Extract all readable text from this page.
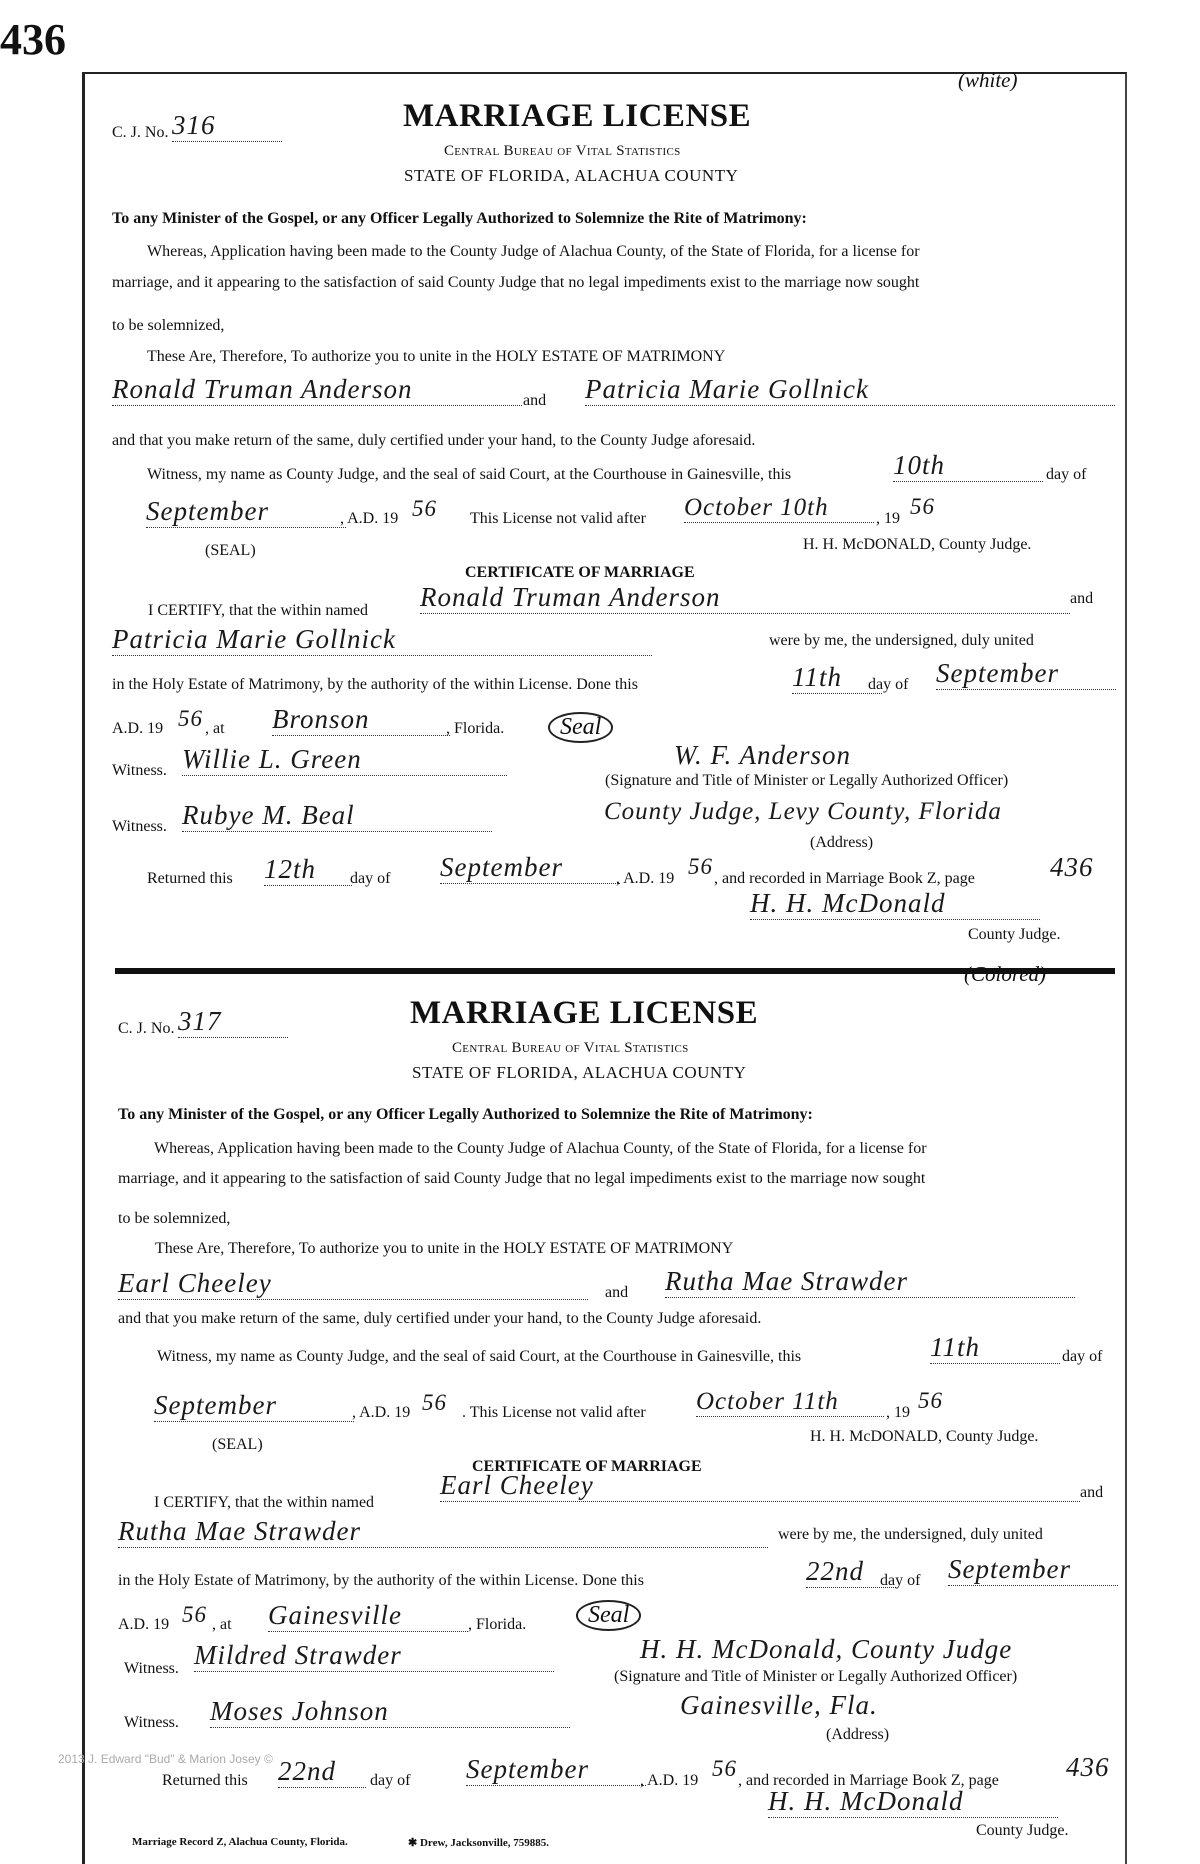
436
(white)
C. J. No. 316	MARRIAGE LICENSE
Central Bureau of Vital Statistics
STATE OF FLORIDA, ALACHUA COUNTY
To any Minister of the Gospel, or any Officer Legally Authorized to Solemnize the Rite of Matrimony:
Whereas, Application having been made to the County Judge of Alachua County, of the State of Florida, for a license for
marriage, and it appearing to the satisfaction of said County Judge that no legal impediments exist to the marriage now sought
to be solemnized,
These Are, Therefore, To authorize you to unite in the HOLY ESTATE OF MATRIMONY
Ronald Truman Anderson	and Patricia Marie Gollnick
and that you make return of the same, duly certified under your hand, to the County Judge aforesaid.
Witness, my name as County Judge, and the seal of said Court, at the Courthouse in Gainesville, this	10th	day of
September	, A.D. 19 56 This License not valid after October 10th	, 19 56
(SEAL)	H. H. McDONALD, County Judge.
CERTIFICATE OF MARRIAGE
I CERTIFY, that the within named Ronald Truman Anderson	and
Patricia Marie Gollnick	were by me, the undersigned, duly united
in the Holy Estate of Matrimony, by the authority of the within License. Done this	11th	day of September
A.D. 19 56 , at Bronson	, Florida.	Seal
Witness. Willie L. Green	W. F. Anderson
(Signature and Title of Minister or Legally Authorized Officer)
Witness. Rubye M. Beal	County Judge, Levy County, Florida
(Address)
Returned this 12th	day of September	, A.D. 19 56 , and recorded in Marriage Book Z, page	436
H. H. McDonald
County Judge.
(Colored)
C. J. No. 317	MARRIAGE LICENSE
Central Bureau of Vital Statistics
STATE OF FLORIDA, ALACHUA COUNTY
To any Minister of the Gospel, or any Officer Legally Authorized to Solemnize the Rite of Matrimony:
Whereas, Application having been made to the County Judge of Alachua County, of the State of Florida, for a license for
marriage, and it appearing to the satisfaction of said County Judge that no legal impediments exist to the marriage now sought
to be solemnized,
These Are, Therefore, To authorize you to unite in the HOLY ESTATE OF MATRIMONY
Earl Cheeley	and Rutha Mae Strawder
and that you make return of the same, duly certified under your hand, to the County Judge aforesaid.
Witness, my name as County Judge, and the seal of said Court, at the Courthouse in Gainesville, this	11th	day of
September	, A.D. 19 56 . This License not valid after October 11th	, 19 56
(SEAL)	H. H. McDONALD, County Judge.
CERTIFICATE OF MARRIAGE
I CERTIFY, that the within named
Earl Cheeley	and
Rutha Mae Strawder	were by me, the undersigned, duly united
in the Holy Estate of Matrimony, by the authority of the within License. Done this	22nd	day of September
A.D. 19 56 , at Gainesville	, Florida.	Seal
Witness. Mildred Strawder	H. H. McDonald, County Judge
(Signature and Title of Minister or Legally Authorized Officer)
Witness. Moses Johnson	Gainesville, Fla.
(Address)
Returned this 22nd	day of September	, A.D. 19 56 , and recorded in Marriage Book Z, page 436
H. H. McDonald
County Judge.
2013 J. Edward "Bud" & Marion Josey ©
Marriage Record Z, Alachua County, Florida.	✱ Drew, Jacksonville, 759885.
